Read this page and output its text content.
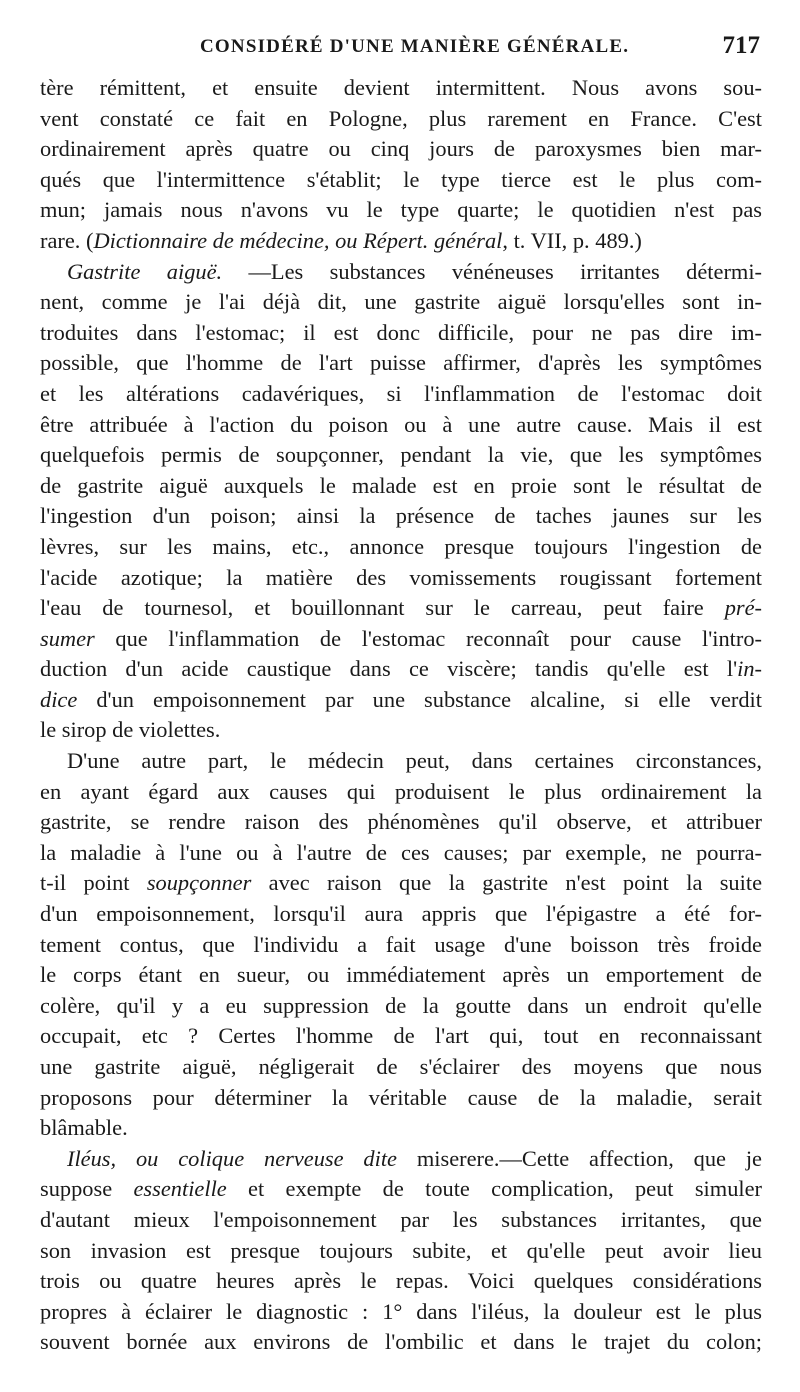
CONSIDÉRÉ D'UNE MANIÈRE GÉNÉRALE.	717

tère rémittent, et ensuite devient intermittent. Nous avons sou-

vent constaté ce fait en Pologne, plus rarement en France. C'est

ordinairement après quatre ou cinq jours de paroxysmes bien mar-

qués que l'intermittence s'établit; le type tierce est le plus com-

mun; jamais nous n'avons vu le type quarte; le quotidien n'est pas

rare. (Dictionnaire de médecine, ou Répert. général, t. VII, p. 489.)

Gastrite aiguë. —Les substances vénéneuses irritantes détermi-

nent, comme je l'ai déjà dit, une gastrite aiguë lorsqu'elles sont in-

troduites dans l'estomac; il est donc difficile, pour ne pas dire im-

possible, que l'homme de l'art puisse affirmer, d'après les symptômes

et les altérations cadavériques, si l'inflammation de l'estomac doit

être attribuée à l'action du poison ou à une autre cause. Mais il est

quelquefois permis de soupçonner, pendant la vie, que les symptômes

de gastrite aiguë auxquels le malade est en proie sont le résultat de

l'ingestion d'un poison; ainsi la présence de taches jaunes sur les

lèvres, sur les mains, etc., annonce presque toujours l'ingestion de

l'acide azotique; la matière des vomissements rougissant fortement

l'eau de tournesol, et bouillonnant sur le carreau, peut faire pré-

sumer que l'inflammation de l'estomac reconnaît pour cause l'intro-

duction d'un acide caustique dans ce viscère; tandis qu'elle est l'in-

dice d'un empoisonnement par une substance alcaline, si elle verdit

le sirop de violettes.

D'une autre part, le médecin peut, dans certaines circonstances,

en ayant égard aux causes qui produisent le plus ordinairement la

gastrite, se rendre raison des phénomènes qu'il observe, et attribuer

la maladie à l'une ou à l'autre de ces causes; par exemple, ne pourra-

t-il point soupçonner avec raison que la gastrite n'est point la suite

d'un empoisonnement, lorsqu'il aura appris que l'épigastre a été for-

tement contus, que l'individu a fait usage d'une boisson très froide

le corps étant en sueur, ou immédiatement après un emportement de

colère, qu'il y a eu suppression de la goutte dans un endroit qu'elle

occupait, etc ? Certes l'homme de l'art qui, tout en reconnaissant

une gastrite aiguë, négligerait de s'éclairer des moyens que nous

proposons pour déterminer la véritable cause de la maladie, serait

blâmable.

Iléus, ou colique nerveuse dite miserere.—Cette affection, que je

suppose essentielle et exempte de toute complication, peut simuler

d'autant mieux l'empoisonnement par les substances irritantes, que

son invasion est presque toujours subite, et qu'elle peut avoir lieu

trois ou quatre heures après le repas. Voici quelques considérations

propres à éclairer le diagnostic : 1° dans l'iléus, la douleur est le plus

souvent bornée aux environs de l'ombilic et dans le trajet du colon;
